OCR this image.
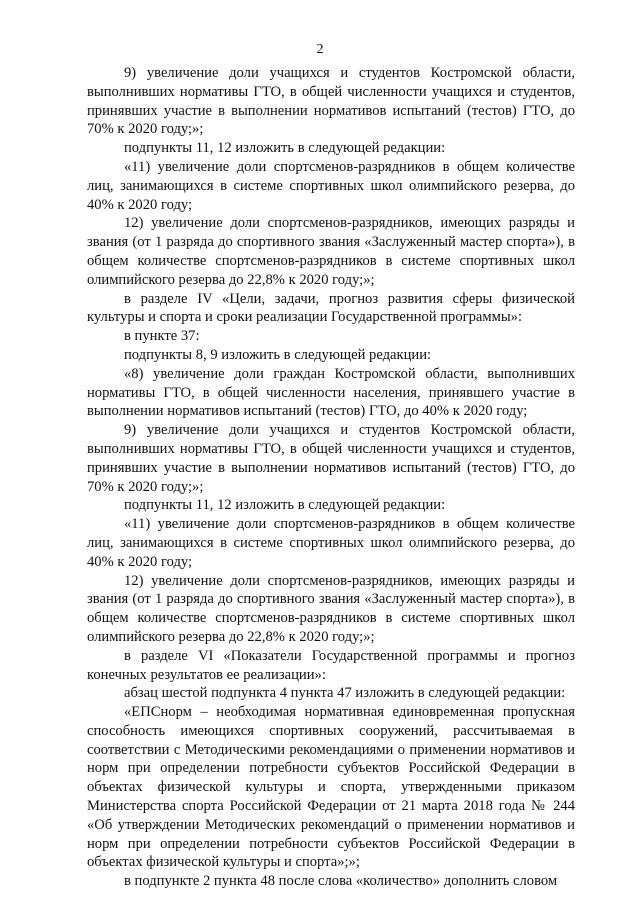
2

9) увеличение доли учащихся и студентов Костромской области, выполнивших нормативы ГТО, в общей численности учащихся и студентов, принявших участие в выполнении нормативов испытаний (тестов) ГТО, до 70% к 2020 году;»;

подпункты 11, 12 изложить в следующей редакции:

«11) увеличение доли спортсменов-разрядников в общем количестве лиц, занимающихся в системе спортивных школ олимпийского резерва, до 40% к 2020 году;

12) увеличение доли спортсменов-разрядников, имеющих разряды и звания (от 1 разряда до спортивного звания «Заслуженный мастер спорта»), в общем количестве спортсменов-разрядников в системе спортивных школ олимпийского резерва до 22,8% к 2020 году;»;

в разделе IV «Цели, задачи, прогноз развития сферы физической культуры и спорта и сроки реализации Государственной программы»:

в пункте 37:

подпункты 8, 9 изложить в следующей редакции:

«8) увеличение доли граждан Костромской области, выполнивших нормативы ГТО, в общей численности населения, принявшего участие в выполнении нормативов испытаний (тестов) ГТО, до 40% к 2020 году;

9) увеличение доли учащихся и студентов Костромской области, выполнивших нормативы ГТО, в общей численности учащихся и студентов, принявших участие в выполнении нормативов испытаний (тестов) ГТО, до 70% к 2020 году;»;

подпункты 11, 12 изложить в следующей редакции:

«11) увеличение доли спортсменов-разрядников в общем количестве лиц, занимающихся в системе спортивных школ олимпийского резерва, до 40% к 2020 году;

12) увеличение доли спортсменов-разрядников, имеющих разряды и звания (от 1 разряда до спортивного звания «Заслуженный мастер спорта»), в общем количестве спортсменов-разрядников в системе спортивных школ олимпийского резерва до 22,8% к 2020 году;»;

в разделе VI «Показатели Государственной программы и прогноз конечных результатов ее реализации»:

абзац шестой подпункта 4 пункта 47 изложить в следующей редакции:

«ЕПСнорм – необходимая нормативная единовременная пропускная способность имеющихся спортивных сооружений, рассчитываемая в соответствии с Методическими рекомендациями о применении нормативов и норм при определении потребности субъектов Российской Федерации в объектах физической культуры и спорта, утвержденными приказом Министерства спорта Российской Федерации от 21 марта 2018 года № 244 «Об утверждении Методических рекомендаций о применении нормативов и норм при определении потребности субъектов Российской Федерации в объектах физической культуры и спорта»;»;

в подпункте 2 пункта 48 после слова «количество» дополнить словом
